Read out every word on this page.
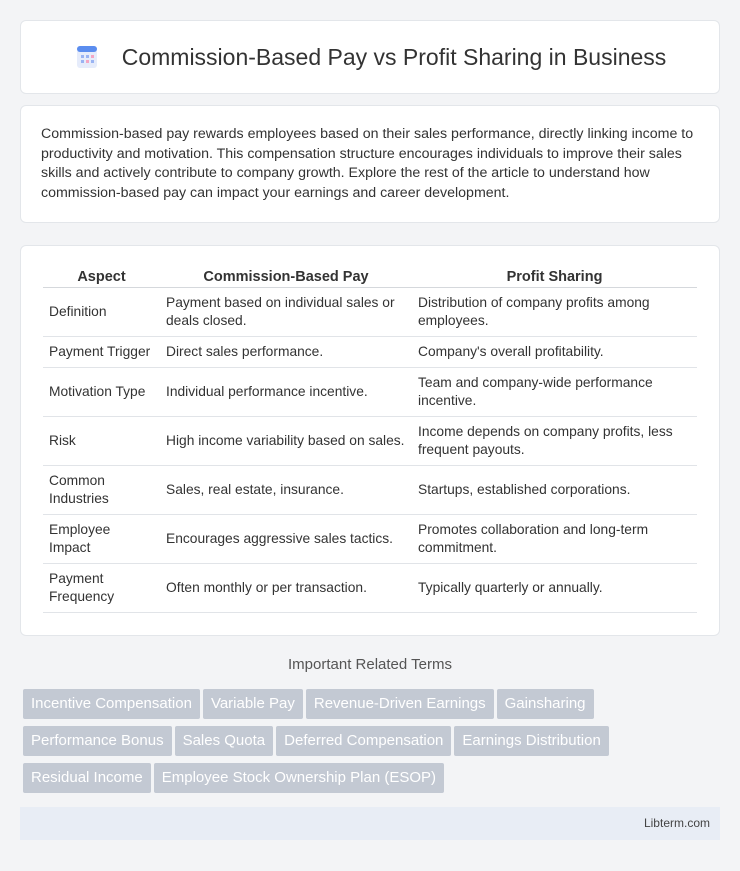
Commission-Based Pay vs Profit Sharing in Business

Commission-based pay rewards employees based on their sales performance, directly linking income to productivity and motivation. This compensation structure encourages individuals to improve their sales skills and actively contribute to company growth. Explore the rest of the article to understand how commission-based pay can impact your earnings and career development.

Aspect	Commission-Based Pay	Profit Sharing
Definition	Payment based on individual sales or deals closed.	Distribution of company profits among employees.
Payment Trigger	Direct sales performance.	Company's overall profitability.
Motivation Type	Individual performance incentive.	Team and company-wide performance incentive.
Risk	High income variability based on sales.	Income depends on company profits, less frequent payouts.
Common Industries	Sales, real estate, insurance.	Startups, established corporations.
Employee Impact	Encourages aggressive sales tactics.	Promotes collaboration and long-term commitment.
Payment Frequency	Often monthly or per transaction.	Typically quarterly or annually.
Important Related Terms
Incentive Compensation Variable Pay Revenue-Driven Earnings Gainsharing
Performance Bonus Sales Quota Deferred Compensation Earnings Distribution
Residual Income Employee Stock Ownership Plan (ESOP)
Libterm.com
